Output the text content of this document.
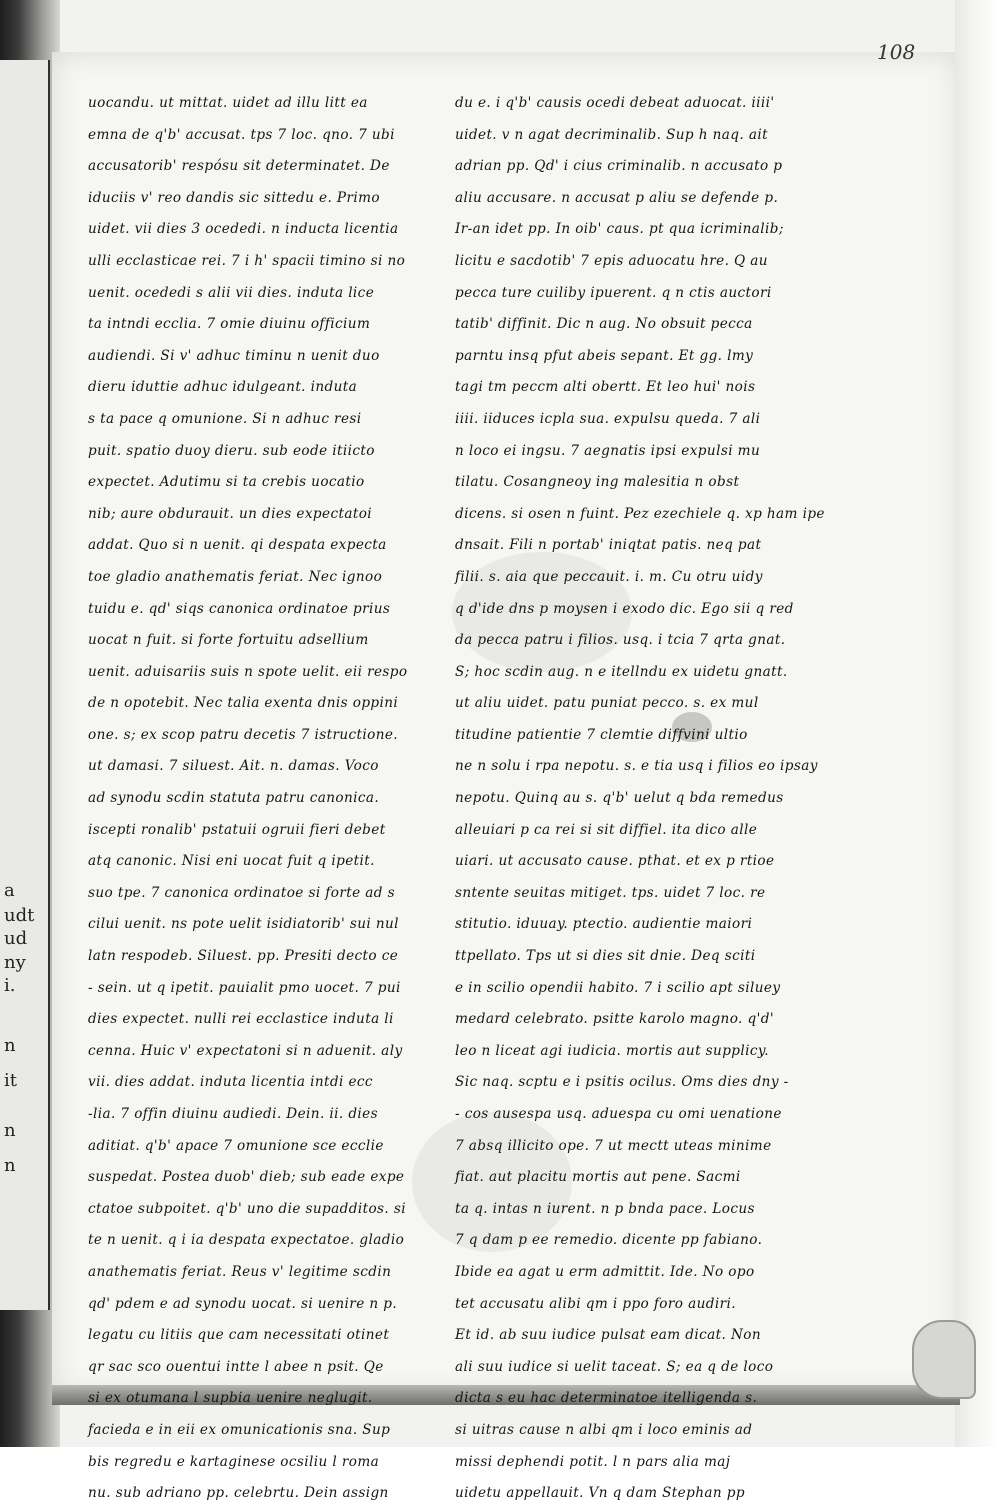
a
udt
ud
ny
i.
n
it
n
n
108
uocandu. ut mittat. uidet ad illu litt ea
emna de q'b' accusat. tps 7 loc. qno. 7 ubi
accusatorib' respósu sit determinatet. De
iduciis v' reo dandis sic sittedu e. Primo
uidet. vii dies 3 ocededi. n inducta licentia
ulli ecclasticae rei. 7 i h' spacii timino si no
uenit. ocededi s alii vii dies. induta lice
ta intndi ecclia. 7 omie diuinu officium
audiendi. Si v' adhuc timinu n uenit duo
dieru iduttie adhuc idulgeant. induta
s ta pace q omunione. Si n adhuc resi
puit. spatio duoy dieru. sub eode itiicto
expectet. Adutimu si ta crebis uocatio
nib; aure obdurauit. un dies expectatoi
addat. Quo si n uenit. qi despata expecta
toe gladio anathematis feriat. Nec ignoo
tuidu e. qd' siqs canonica ordinatoe prius
uocat n fuit. si forte fortuitu adsellium
uenit. aduisariis suis n spote uelit. eii respo
de n opotebit. Nec talia exenta dnis oppini
one. s; ex scop patru decetis 7 istructione.
ut damasi. 7 siluest. Ait. n. damas. Voco
ad synodu scdin statuta patru canonica.
iscepti ronalib' pstatuii ogruii fieri debet
atq canonic. Nisi eni uocat fuit q ipetit.
suo tpe. 7 canonica ordinatoe si forte ad s
cilui uenit. ns pote uelit isidiatorib' sui nul
latn respodeb. Siluest. pp. Presiti decto ce
- sein. ut q ipetit. pauialit pmo uocet. 7 pui
dies expectet. nulli rei ecclastice induta li
cenna. Huic v' expectatoni si n aduenit. aly
vii. dies addat. induta licentia intdi ecc
-lia. 7 offin diuinu audiedi. Dein. ii. dies
aditiat. q'b' apace 7 omunione sce ecclie
suspedat. Postea duob' dieb; sub eade expe
ctatoe subpoitet. q'b' uno die supadditos. si
te n uenit. q i ia despata expectatoe. gladio
anathematis feriat. Reus v' legitime scdin
qd' pdem e ad synodu uocat. si uenire n p.
legatu cu litiis que cam necessitati otinet
qr sac sco ouentui intte l abee n psit. Qe
si ex otumana l supbia uenire neglugit.
facieda e in eii ex omunicationis sna. Sup
bis regredu e kartaginese ocsiliu l roma
nu. sub adriano pp. celebrtu. Dein assign
du e. i q'b' causis ocedi debeat aduocat. iiii'
uidet. v n agat decriminalib. Sup h naq. ait
adrian pp. Qd' i cius criminalib. n accusato p
aliu accusare. n accusat p aliu se defende p.
Ir-an idet pp. In oib' caus. pt qua icriminalib;
licitu e sacdotib' 7 epis aduocatu hre. Q au
pecca ture cuiliby ipuerent. q n ctis auctori
tatib' diffinit. Dic n aug. No obsuit pecca
parntu insq pfut abeis sepant. Et gg. lmy
tagi tm peccm alti obertt. Et leo hui' nois
iiii. iiduces icpla sua. expulsu queda. 7 ali
n loco ei ingsu. 7 aegnatis ipsi expulsi mu
tilatu. Cosangneoy ing malesitia n obst
dicens. si osen n fuint. Pez ezechiele q. xp ham ipe
dnsait. Fili n portab' iniqtat patis. neq pat
filii. s. aia que peccauit. i. m. Cu otru uidy
q d'ide dns p moysen i exodo dic. Ego sii q red
da pecca patru i filios. usq. i tcia 7 qrta gnat.
S; hoc scdin aug. n e itellndu ex uidetu gnatt.
ut aliu uidet. patu puniat pecco. s. ex mul
titudine patientie 7 clemtie diffvini ultio
ne n solu i rpa nepotu. s. e tia usq i filios eo ipsay
nepotu. Quinq au s. q'b' uelut q bda remedus
alleuiari p ca rei si sit diffiel. ita dico alle
uiari. ut accusato cause. pthat. et ex p rtioe
sntente seuitas mitiget. tps. uidet 7 loc. re
stitutio. iduuay. ptectio. audientie maiori
ttpellato. Tps ut si dies sit dnie. Deq sciti
e in scilio opendii habito. 7 i scilio apt siluey
medard celebrato. psitte karolo magno. q'd'
leo n liceat agi iudicia. mortis aut supplicy.
Sic naq. scptu e i psitis ocilus. Oms dies dny -
- cos ausespa usq. aduespa cu omi uenatione
7 absq illicito ope. 7 ut mectt uteas minime
fiat. aut placitu mortis aut pene. Sacmi
ta q. intas n iurent. n p bnda pace. Locus
7 q dam p ee remedio. dicente pp fabiano.
Ibide ea agat u erm admittit. Ide. No opo
tet accusatu alibi qm i ppo foro audiri.
Et id. ab suu iudice pulsat eam dicat. Non
ali suu iudice si uelit taceat. S; ea q de loco
dicta s eu hac determinatoe itelligenda s.
si uitras cause n albi qm i loco eminis ad
missi dephendi potit. l n pars alia maj
uidetu appellauit. Vn q dam Stephan pp
